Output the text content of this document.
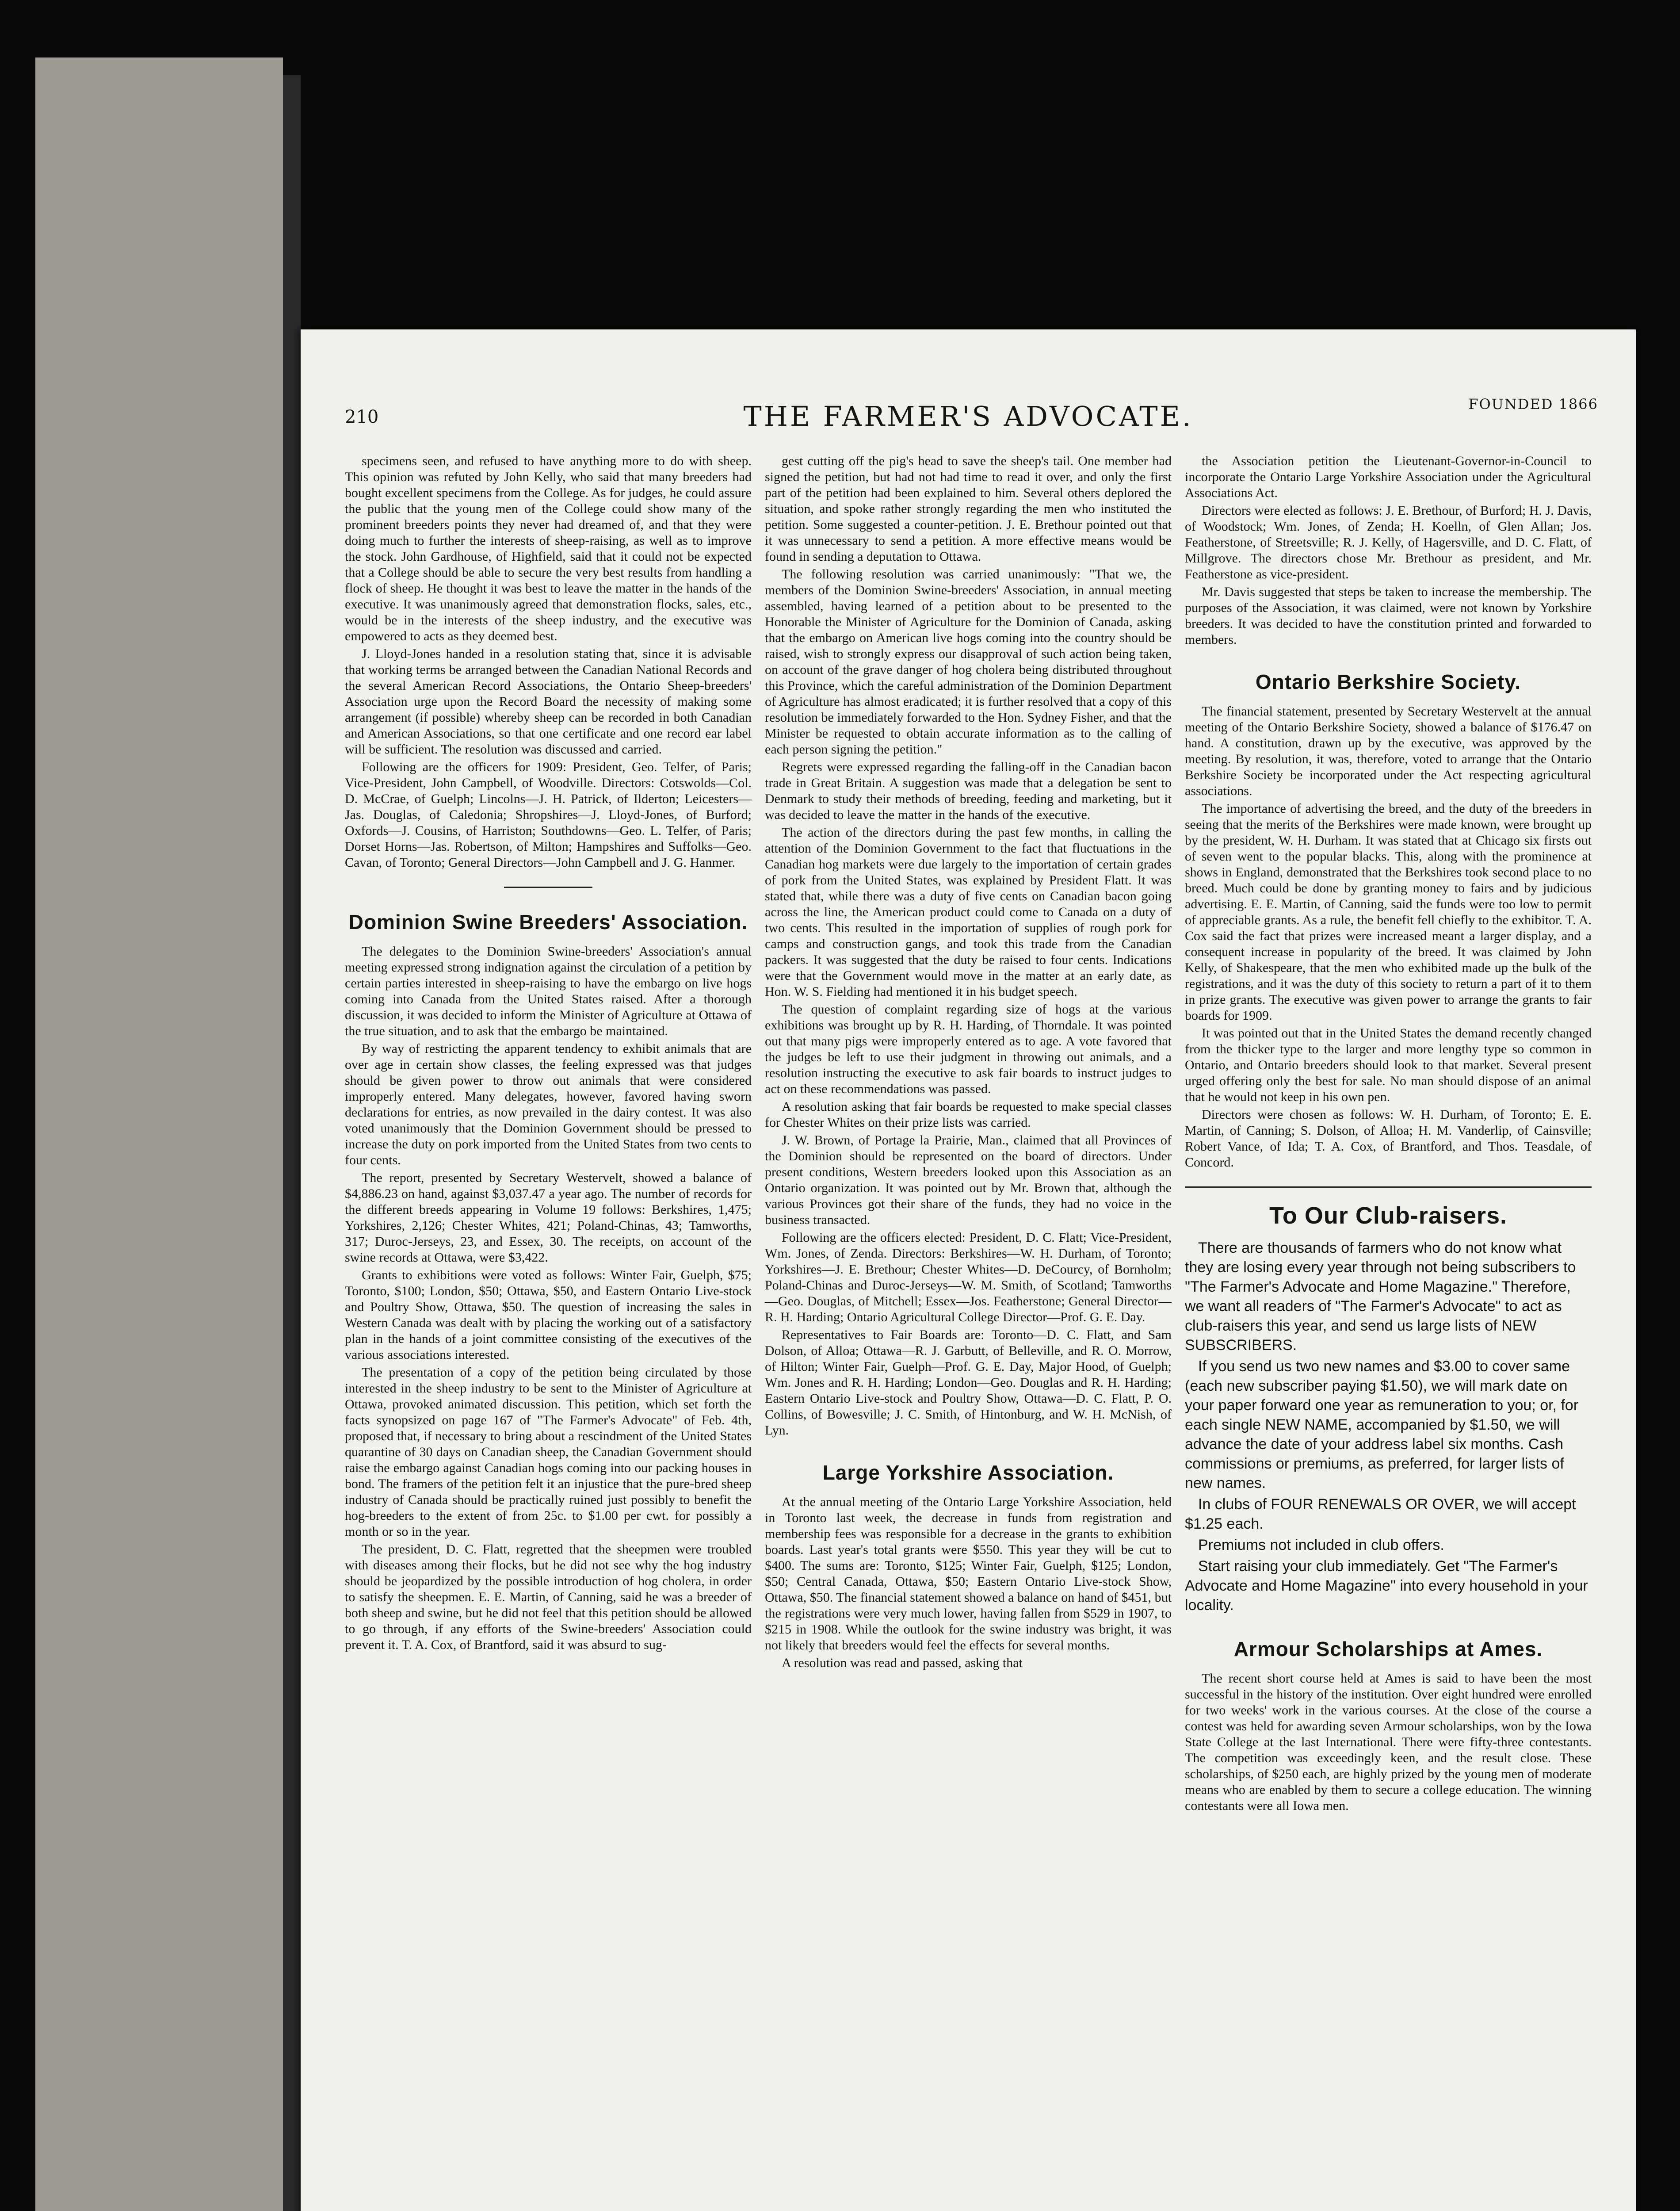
210	THE FARMER'S ADVOCATE.	FOUNDED 1866

specimens seen, and refused to have anything more to do with sheep. This opinion was refuted by John Kelly, who said that many breeders had bought excellent specimens from the College. As for judges, he could assure the public that the young men of the College could show many of the prominent breeders points they never had dreamed of, and that they were doing much to further the interests of sheep-raising, as well as to improve the stock. John Gardhouse, of Highfield, said that it could not be expected that a College should be able to secure the very best results from handling a flock of sheep. He thought it was best to leave the matter in the hands of the executive. It was unanimously agreed that demonstration flocks, sales, etc., would be in the interests of the sheep industry, and the executive was empowered to acts as they deemed best.

J. Lloyd-Jones handed in a resolution stating that, since it is advisable that working terms be arranged between the Canadian National Records and the several American Record Associations, the Ontario Sheep-breeders' Association urge upon the Record Board the necessity of making some arrangement (if possible) whereby sheep can be recorded in both Canadian and American Associations, so that one certificate and one record ear label will be sufficient. The resolution was discussed and carried.

Following are the officers for 1909: President, Geo. Telfer, of Paris; Vice-President, John Campbell, of Woodville. Directors: Cotswolds—Col. D. McCrae, of Guelph; Lincolns—J. H. Patrick, of Ilderton; Leicesters—Jas. Douglas, of Caledonia; Shropshires—J. Lloyd-Jones, of Burford; Oxfords—J. Cousins, of Harriston; Southdowns—Geo. L. Telfer, of Paris; Dorset Horns—Jas. Robertson, of Milton; Hampshires and Suffolks—Geo. Cavan, of Toronto; General Directors—John Campbell and J. G. Hanmer.

Dominion Swine Breeders' Association.

The delegates to the Dominion Swine-breeders' Association's annual meeting expressed strong indignation against the circulation of a petition by certain parties interested in sheep-raising to have the embargo on live hogs coming into Canada from the United States raised. After a thorough discussion, it was decided to inform the Minister of Agriculture at Ottawa of the true situation, and to ask that the embargo be maintained.

By way of restricting the apparent tendency to exhibit animals that are over age in certain show classes, the feeling expressed was that judges should be given power to throw out animals that were considered improperly entered. Many delegates, however, favored having sworn declarations for entries, as now prevailed in the dairy contest. It was also voted unanimously that the Dominion Government should be pressed to increase the duty on pork imported from the United States from two cents to four cents.

The report, presented by Secretary Westervelt, showed a balance of $4,886.23 on hand, against $3,037.47 a year ago. The number of records for the different breeds appearing in Volume 19 follows: Berkshires, 1,475; Yorkshires, 2,126; Chester Whites, 421; Poland-Chinas, 43; Tamworths, 317; Duroc-Jerseys, 23, and Essex, 30. The receipts, on account of the swine records at Ottawa, were $3,422.

Grants to exhibitions were voted as follows: Winter Fair, Guelph, $75; Toronto, $100; London, $50; Ottawa, $50, and Eastern Ontario Live-stock and Poultry Show, Ottawa, $50. The question of increasing the sales in Western Canada was dealt with by placing the working out of a satisfactory plan in the hands of a joint committee consisting of the executives of the various associations interested.

The presentation of a copy of the petition being circulated by those interested in the sheep industry to be sent to the Minister of Agriculture at Ottawa, provoked animated discussion. This petition, which set forth the facts synopsized on page 167 of "The Farmer's Advocate" of Feb. 4th, proposed that, if necessary to bring about a rescindment of the United States quarantine of 30 days on Canadian sheep, the Canadian Government should raise the embargo against Canadian hogs coming into our packing houses in bond. The framers of the petition felt it an injustice that the pure-bred sheep industry of Canada should be practically ruined just possibly to benefit the hog-breeders to the extent of from 25c. to $1.00 per cwt. for possibly a month or so in the year.

The president, D. C. Flatt, regretted that the sheepmen were troubled with diseases among their flocks, but he did not see why the hog industry should be jeopardized by the possible introduction of hog cholera, in order to satisfy the sheepmen. E. E. Martin, of Canning, said he was a breeder of both sheep and swine, but he did not feel that this petition should be allowed to go through, if any efforts of the Swine-breeders' Association could prevent it. T. A. Cox, of Brantford, said it was absurd to sug-

gest cutting off the pig's head to save the sheep's tail. One member had signed the petition, but had not had time to read it over, and only the first part of the petition had been explained to him. Several others deplored the situation, and spoke rather strongly regarding the men who instituted the petition. Some suggested a counter-petition. J. E. Brethour pointed out that it was unnecessary to send a petition. A more effective means would be found in sending a deputation to Ottawa.

The following resolution was carried unanimously: "That we, the members of the Dominion Swine-breeders' Association, in annual meeting assembled, having learned of a petition about to be presented to the Honorable the Minister of Agriculture for the Dominion of Canada, asking that the embargo on American live hogs coming into the country should be raised, wish to strongly express our disapproval of such action being taken, on account of the grave danger of hog cholera being distributed throughout this Province, which the careful administration of the Dominion Department of Agriculture has almost eradicated; it is further resolved that a copy of this resolution be immediately forwarded to the Hon. Sydney Fisher, and that the Minister be requested to obtain accurate information as to the calling of each person signing the petition."

Regrets were expressed regarding the falling-off in the Canadian bacon trade in Great Britain. A suggestion was made that a delegation be sent to Denmark to study their methods of breeding, feeding and marketing, but it was decided to leave the matter in the hands of the executive.

The action of the directors during the past few months, in calling the attention of the Dominion Government to the fact that fluctuations in the Canadian hog markets were due largely to the importation of certain grades of pork from the United States, was explained by President Flatt. It was stated that, while there was a duty of five cents on Canadian bacon going across the line, the American product could come to Canada on a duty of two cents. This resulted in the importation of supplies of rough pork for camps and construction gangs, and took this trade from the Canadian packers. It was suggested that the duty be raised to four cents. Indications were that the Government would move in the matter at an early date, as Hon. W. S. Fielding had mentioned it in his budget speech.

The question of complaint regarding size of hogs at the various exhibitions was brought up by R. H. Harding, of Thorndale. It was pointed out that many pigs were improperly entered as to age. A vote favored that the judges be left to use their judgment in throwing out animals, and a resolution instructing the executive to ask fair boards to instruct judges to act on these recommendations was passed.

A resolution asking that fair boards be requested to make special classes for Chester Whites on their prize lists was carried.

J. W. Brown, of Portage la Prairie, Man., claimed that all Provinces of the Dominion should be represented on the board of directors. Under present conditions, Western breeders looked upon this Association as an Ontario organization. It was pointed out by Mr. Brown that, although the various Provinces got their share of the funds, they had no voice in the business transacted.

Following are the officers elected: President, D. C. Flatt; Vice-President, Wm. Jones, of Zenda. Directors: Berkshires—W. H. Durham, of Toronto; Yorkshires—J. E. Brethour; Chester Whites—D. DeCourcy, of Bornholm; Poland-Chinas and Duroc-Jerseys—W. M. Smith, of Scotland; Tamworths—Geo. Douglas, of Mitchell; Essex—Jos. Featherstone; General Director—R. H. Harding; Ontario Agricultural College Director—Prof. G. E. Day.

Representatives to Fair Boards are: Toronto—D. C. Flatt, and Sam Dolson, of Alloa; Ottawa—R. J. Garbutt, of Belleville, and R. O. Morrow, of Hilton; Winter Fair, Guelph—Prof. G. E. Day, Major Hood, of Guelph; Wm. Jones and R. H. Harding; London—Geo. Douglas and R. H. Harding; Eastern Ontario Live-stock and Poultry Show, Ottawa—D. C. Flatt, P. O. Collins, of Bowesville; J. C. Smith, of Hintonburg, and W. H. McNish, of Lyn.

Large Yorkshire Association.

At the annual meeting of the Ontario Large Yorkshire Association, held in Toronto last week, the decrease in funds from registration and membership fees was responsible for a decrease in the grants to exhibition boards. Last year's total grants were $550. This year they will be cut to $400. The sums are: Toronto, $125; Winter Fair, Guelph, $125; London, $50; Central Canada, Ottawa, $50; Eastern Ontario Live-stock Show, Ottawa, $50. The financial statement showed a balance on hand of $451, but the registrations were very much lower, having fallen from $529 in 1907, to $215 in 1908. While the outlook for the swine industry was bright, it was not likely that breeders would feel the effects for several months.

A resolution was read and passed, asking that

the Association petition the Lieutenant-Governor-in-Council to incorporate the Ontario Large Yorkshire Association under the Agricultural Associations Act.

Directors were elected as follows: J. E. Brethour, of Burford; H. J. Davis, of Woodstock; Wm. Jones, of Zenda; H. Koelln, of Glen Allan; Jos. Featherstone, of Streetsville; R. J. Kelly, of Hagersville, and D. C. Flatt, of Millgrove. The directors chose Mr. Brethour as president, and Mr. Featherstone as vice-president.

Mr. Davis suggested that steps be taken to increase the membership. The purposes of the Association, it was claimed, were not known by Yorkshire breeders. It was decided to have the constitution printed and forwarded to members.

Ontario Berkshire Society.

The financial statement, presented by Secretary Westervelt at the annual meeting of the Ontario Berkshire Society, showed a balance of $176.47 on hand. A constitution, drawn up by the executive, was approved by the meeting. By resolution, it was, therefore, voted to arrange that the Ontario Berkshire Society be incorporated under the Act respecting agricultural associations.

The importance of advertising the breed, and the duty of the breeders in seeing that the merits of the Berkshires were made known, were brought up by the president, W. H. Durham. It was stated that at Chicago six firsts out of seven went to the popular blacks. This, along with the prominence at shows in England, demonstrated that the Berkshires took second place to no breed. Much could be done by granting money to fairs and by judicious advertising. E. E. Martin, of Canning, said the funds were too low to permit of appreciable grants. As a rule, the benefit fell chiefly to the exhibitor. T. A. Cox said the fact that prizes were increased meant a larger display, and a consequent increase in popularity of the breed. It was claimed by John Kelly, of Shakespeare, that the men who exhibited made up the bulk of the registrations, and it was the duty of this society to return a part of it to them in prize grants. The executive was given power to arrange the grants to fair boards for 1909.

It was pointed out that in the United States the demand recently changed from the thicker type to the larger and more lengthy type so common in Ontario, and Ontario breeders should look to that market. Several present urged offering only the best for sale. No man should dispose of an animal that he would not keep in his own pen.

Directors were chosen as follows: W. H. Durham, of Toronto; E. E. Martin, of Canning; S. Dolson, of Alloa; H. M. Vanderlip, of Cainsville; Robert Vance, of Ida; T. A. Cox, of Brantford, and Thos. Teasdale, of Concord.

To Our Club-raisers.

There are thousands of farmers who do not know what they are losing every year through not being subscribers to "The Farmer's Advocate and Home Magazine." Therefore, we want all readers of "The Farmer's Advocate" to act as club-raisers this year, and send us large lists of NEW SUBSCRIBERS.

If you send us two new names and $3.00 to cover same (each new subscriber paying $1.50), we will mark date on your paper forward one year as remuneration to you; or, for each single NEW NAME, accompanied by $1.50, we will advance the date of your address label six months. Cash commissions or premiums, as preferred, for larger lists of new names.

In clubs of FOUR RENEWALS OR OVER, we will accept $1.25 each.

Premiums not included in club offers.

Start raising your club immediately. Get "The Farmer's Advocate and Home Magazine" into every household in your locality.

Armour Scholarships at Ames.

The recent short course held at Ames is said to have been the most successful in the history of the institution. Over eight hundred were enrolled for two weeks' work in the various courses. At the close of the course a contest was held for awarding seven Armour scholarships, won by the Iowa State College at the last International. There were fifty-three contestants. The competition was exceedingly keen, and the result close. These scholarships, of $250 each, are highly prized by the young men of moderate means who are enabled by them to secure a college education. The winning contestants were all Iowa men.
